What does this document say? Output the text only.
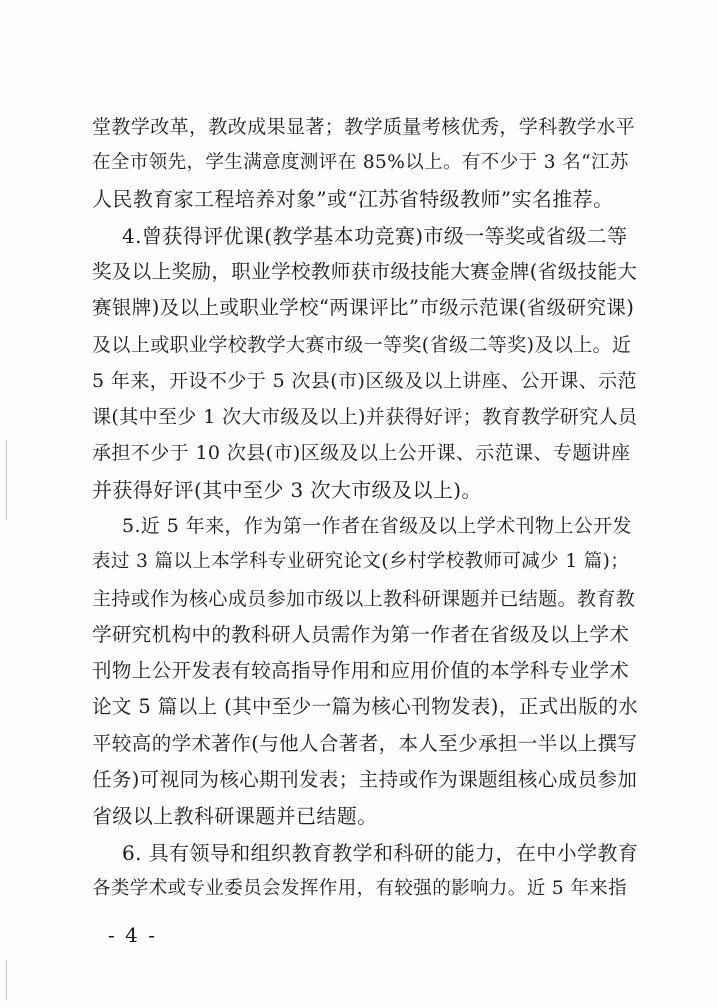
堂教学改革，教改成果显著；教学质量考核优秀，学科教学水平
在全市领先，学生满意度测评在 85%以上。有不少于 3 名“江苏
人民教育家工程培养对象”或“江苏省特级教师”实名推荐。
4.曾获得评优课(教学基本功竞赛)市级一等奖或省级二等
奖及以上奖励，职业学校教师获市级技能大赛金牌(省级技能大
赛银牌)及以上或职业学校“两课评比”市级示范课(省级研究课)
及以上或职业学校教学大赛市级一等奖(省级二等奖)及以上。近
5 年来，开设不少于 5 次县(市)区级及以上讲座、公开课、示范
课(其中至少 1 次大市级及以上)并获得好评；教育教学研究人员
承担不少于 10 次县(市)区级及以上公开课、示范课、专题讲座
并获得好评(其中至少 3 次大市级及以上)。
5.近 5 年来，作为第一作者在省级及以上学术刊物上公开发
表过 3 篇以上本学科专业研究论文(乡村学校教师可减少 1 篇)；
主持或作为核心成员参加市级以上教科研课题并已结题。教育教
学研究机构中的教科研人员需作为第一作者在省级及以上学术
刊物上公开发表有较高指导作用和应用价值的本学科专业学术
论文 5 篇以上 (其中至少一篇为核心刊物发表)，正式出版的水
平较高的学术著作(与他人合著者，本人至少承担一半以上撰写
任务)可视同为核心期刊发表；主持或作为课题组核心成员参加
省级以上教科研课题并已结题。
6. 具有领导和组织教育教学和科研的能力，在中小学教育
各类学术或专业委员会发挥作用，有较强的影响力。近 5 年来指
- 4 -
